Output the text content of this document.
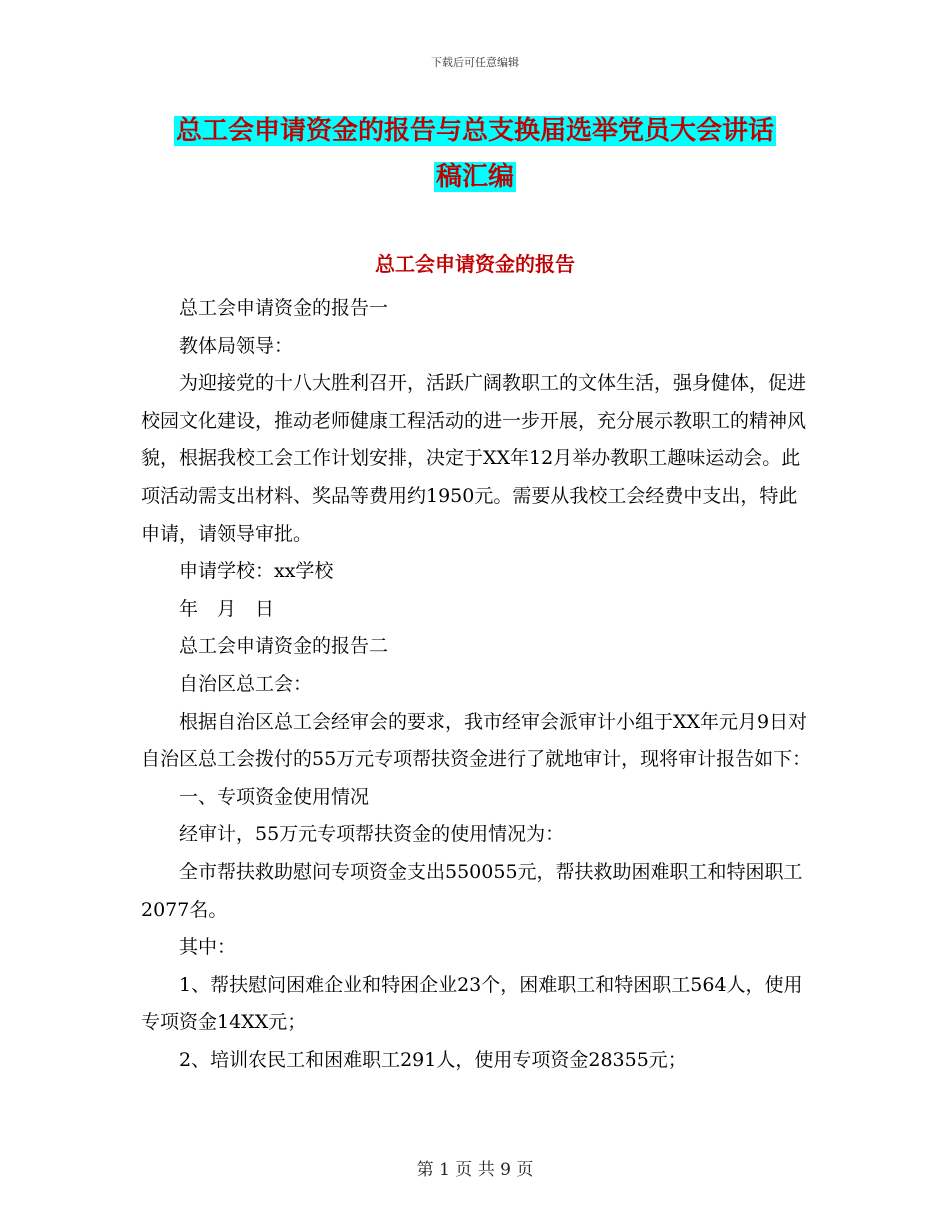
下载后可任意编辑
总工会申请资金的报告与总支换届选举党员大会讲话
稿汇编
总工会申请资金的报告

总工会申请资金的报告一

教体局领导：

为迎接党的十八大胜利召开，活跃广阔教职工的文体生活，强身健体，促进校园文化建设，推动老师健康工程活动的进一步开展，充分展示教职工的精神风貌，根据我校工会工作计划安排，决定于XX年12月举办教职工趣味运动会。此项活动需支出材料、奖品等费用约1950元。需要从我校工会经费中支出，特此申请，请领导审批。

申请学校：xx学校

年　月　日

总工会申请资金的报告二

自治区总工会：

根据自治区总工会经审会的要求，我市经审会派审计小组于XX年元月9日对自治区总工会拨付的55万元专项帮扶资金进行了就地审计，现将审计报告如下：

一、专项资金使用情况

经审计，55万元专项帮扶资金的使用情况为：

全市帮扶救助慰问专项资金支出550055元，帮扶救助困难职工和特困职工2077名。

其中：

1、帮扶慰问困难企业和特困企业23个，困难职工和特困职工564人，使用专项资金14XX元；

2、培训农民工和困难职工291人，使用专项资金28355元；

第 1 页 共 9 页
